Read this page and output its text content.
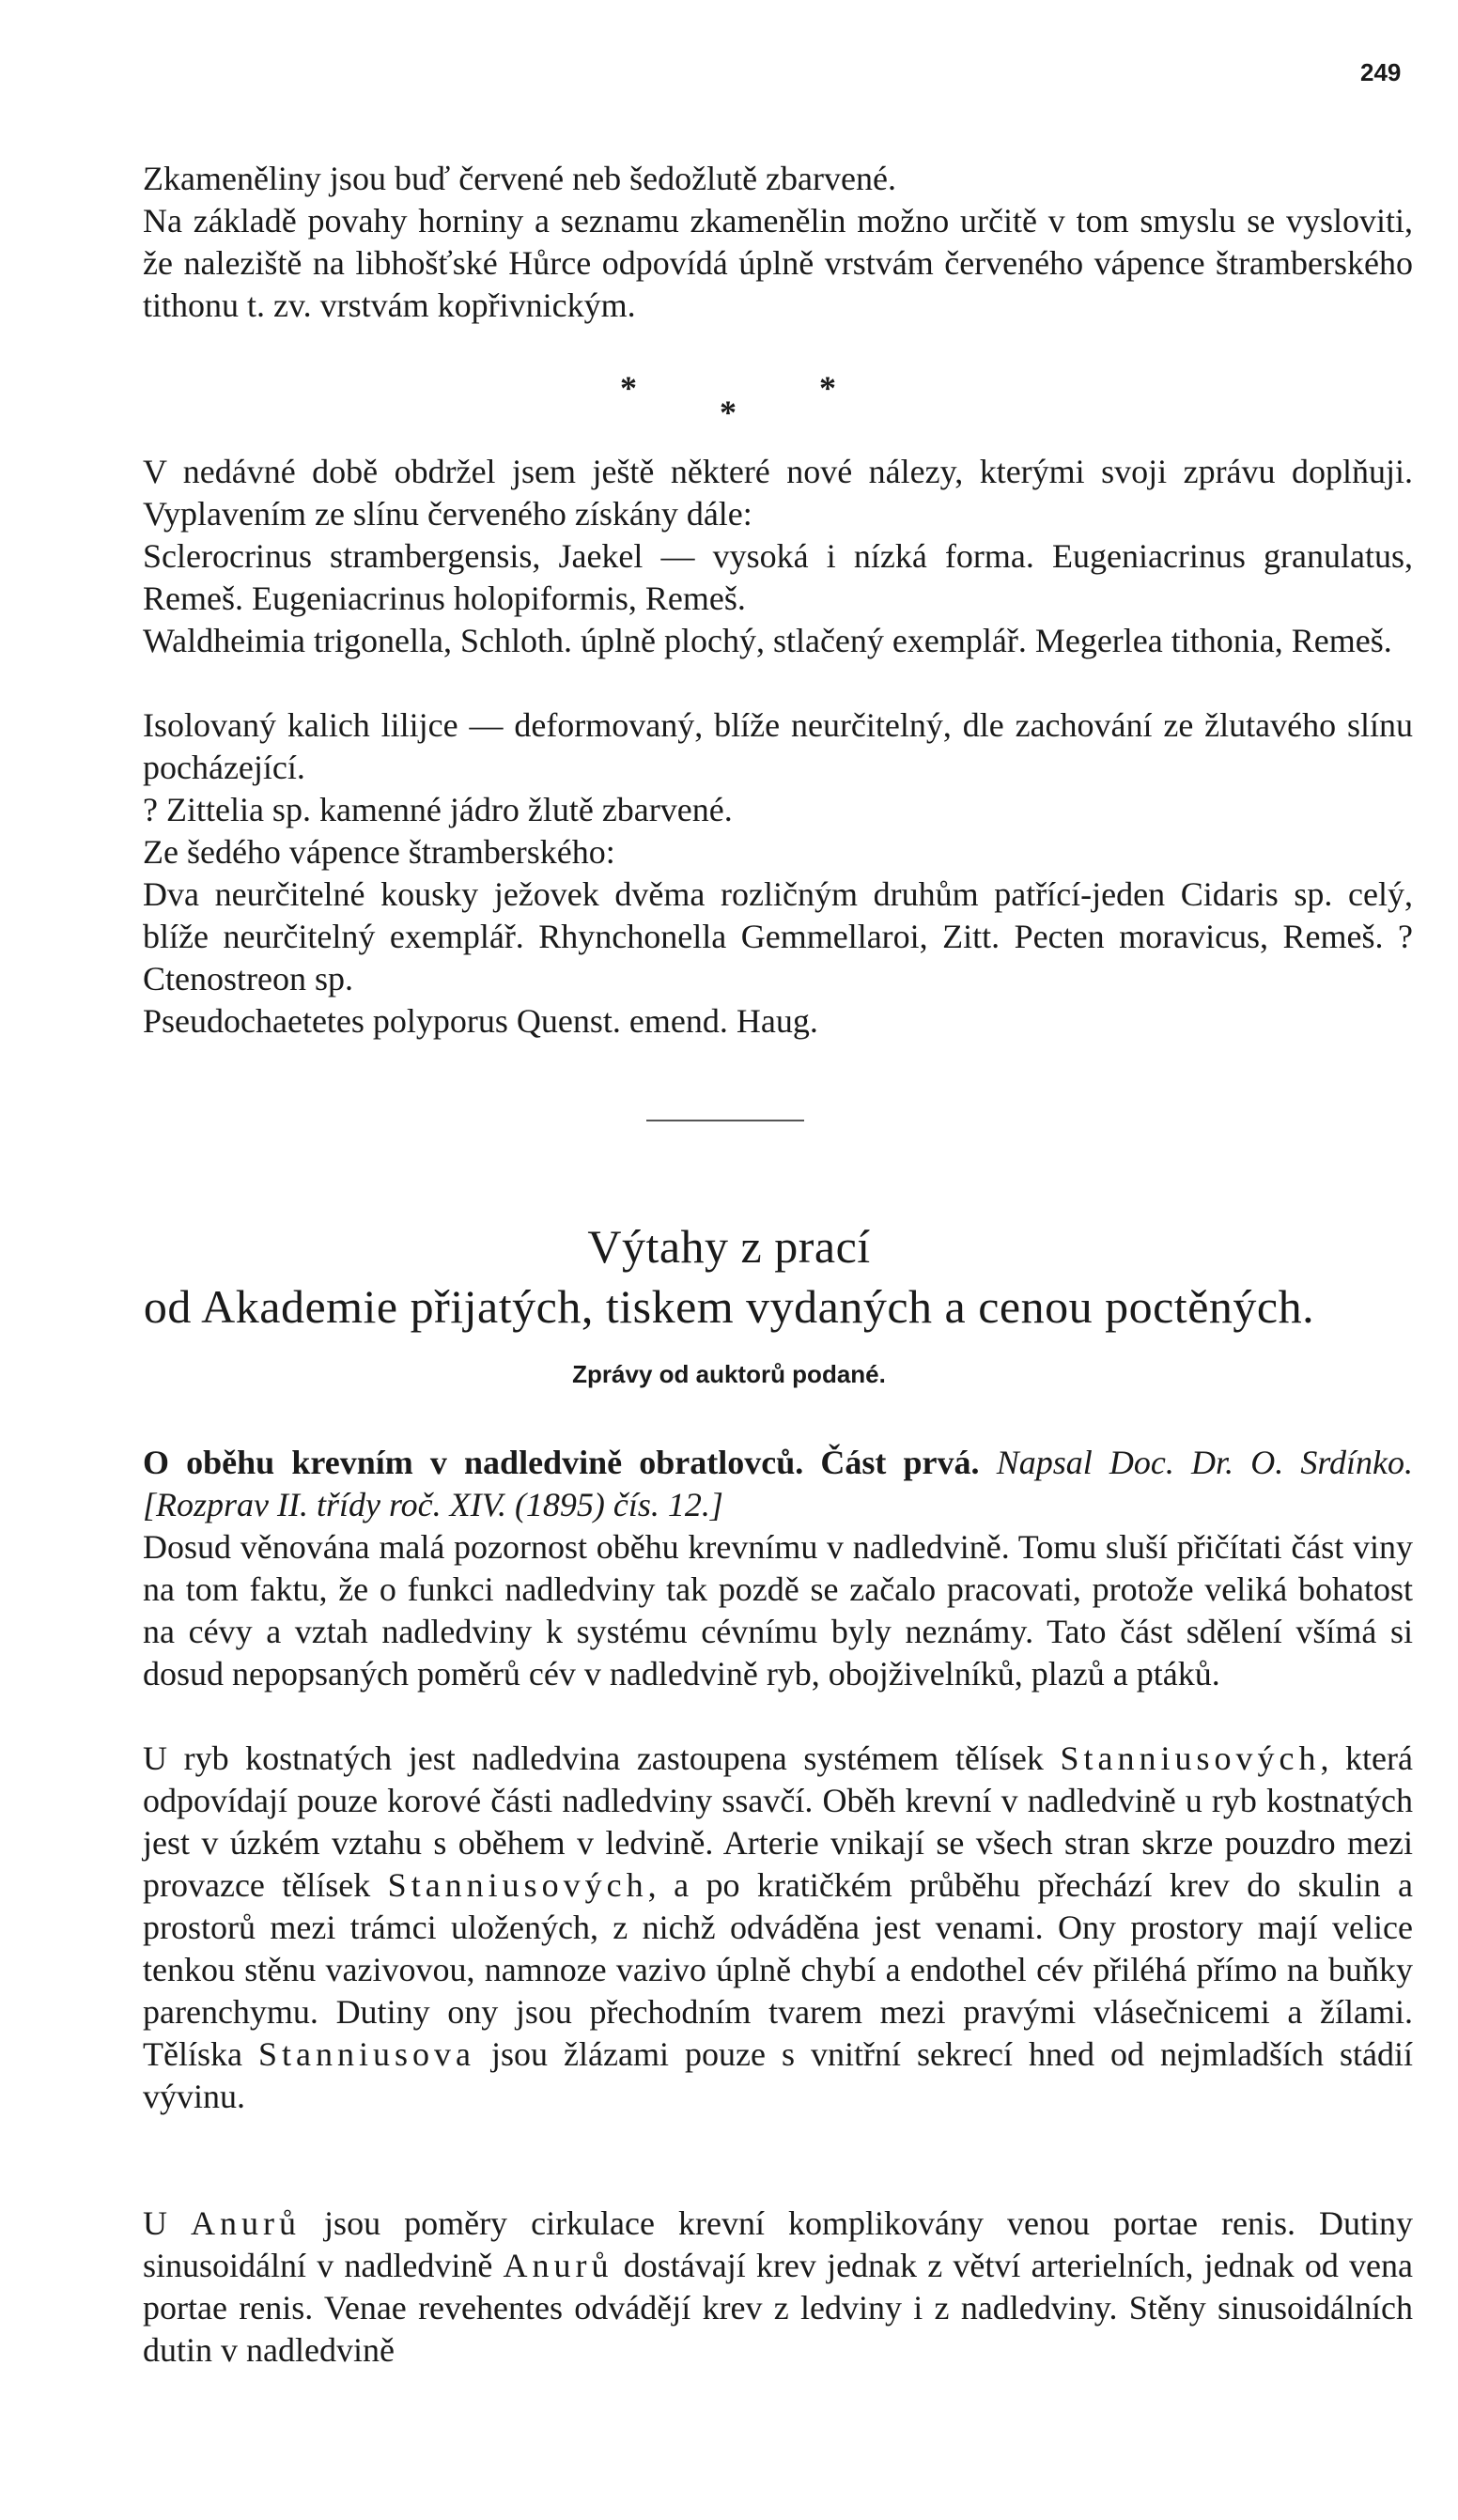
249

Zkameněliny jsou buď červené neb šedožlutě zbarvené.

Na základě povahy horniny a seznamu zkamenělin možno určitě v tom smyslu se vysloviti, že naleziště na libhošťské Hůrce odpovídá úplně vrstvám červeného vápence štramberského tithonu t. zv. vrstvám kopřivnickým.

*
*
*

V nedávné době obdržel jsem ještě některé nové nálezy, kterými svoji zprávu doplňuji. Vyplavením ze slínu červeného získány dále:

Sclerocrinus strambergensis, Jaekel — vysoká i nízká forma. Eugeniacrinus granulatus, Remeš. Eugeniacrinus holopiformis, Remeš.

Waldheimia trigonella, Schloth. úplně plochý, stlačený exemplář. Megerlea tithonia, Remeš.

Isolovaný kalich lilijce — deformovaný, blíže neurčitelný, dle zachování ze žlutavého slínu pocházející.

? Zittelia sp. kamenné jádro žlutě zbarvené.

Ze šedého vápence štramberského:

Dva neurčitelné kousky ježovek dvěma rozličným druhům patřící-jeden Cidaris sp. celý, blíže neurčitelný exemplář. Rhynchonella Gemmellaroi, Zitt. Pecten moravicus, Remeš. ? Ctenostreon sp.

Pseudochaetetes polyporus Quenst. emend. Haug.

Výtahy z prací
od Akademie přijatých, tiskem vydaných a cenou poctěných.
Zprávy od auktorů podané.

O oběhu krevním v nadledvině obratlovců. Část prvá. Napsal Doc. Dr. O. Srdínko. [Rozprav II. třídy roč. XIV. (1895) čís. 12.]

Dosud věnována malá pozornost oběhu krevnímu v nadledvině. Tomu sluší přičítati část viny na tom faktu, že o funkci nadledviny tak pozdě se začalo pracovati, protože veliká bohatost na cévy a vztah nadledviny k systému cévnímu byly neznámy. Tato část sdělení všímá si dosud nepopsaných poměrů cév v nadledvině ryb, obojživelníků, plazů a ptáků.

U ryb kostnatých jest nadledvina zastoupena systémem tělísek Stanniusových, která odpovídají pouze korové části nadledviny ssavčí. Oběh krevní v nadledvině u ryb kostnatých jest v úzkém vztahu s oběhem v ledvině. Arterie vnikají se všech stran skrze pouzdro mezi provazce tělísek Stanniusových, a po kratičkém průběhu přechází krev do skulin a prostorů mezi trámci uložených, z nichž odváděna jest venami. Ony prostory mají velice tenkou stěnu vazivovou, namnoze vazivo úplně chybí a endothel cév přiléhá přímo na buňky parenchymu. Dutiny ony jsou přechodním tvarem mezi pravými vlásečnicemi a žílami. Tělíska Stanniusova jsou žlázami pouze s vnitřní sekrecí hned od nejmladších stádií vývinu.

U Anurů jsou poměry cirkulace krevní komplikovány venou portae renis. Dutiny sinusoidální v nadledvině Anurů dostávají krev jednak z větví arterielních, jednak od vena portae renis. Venae revehentes odvádějí krev z ledviny i z nadledviny. Stěny sinusoidálních dutin v nadledvině
